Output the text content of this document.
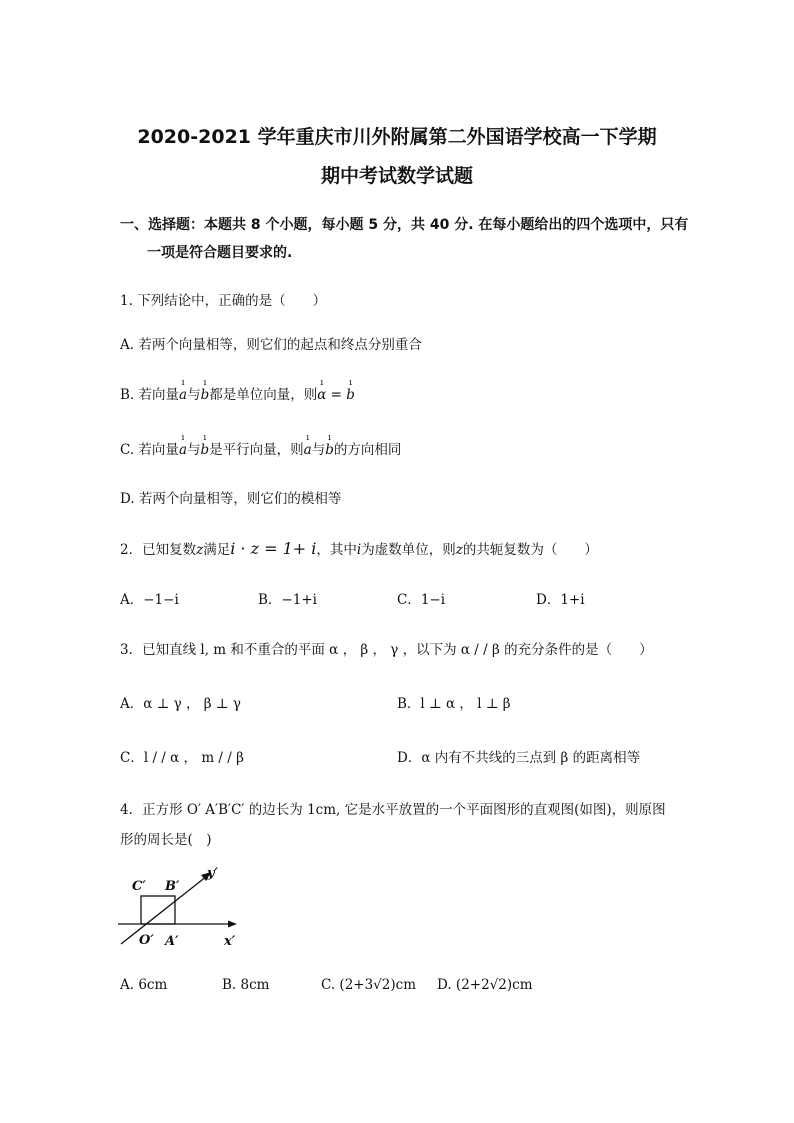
2020-2021 学年重庆市川外附属第二外国语学校高一下学期
期中考试数学试题
一、选择题：本题共 8 个小题，每小题 5 分，共 40 分. 在每小题给出的四个选项中，只有
一项是符合题目要求的.
1. 下列结论中，正确的是（　　）
A. 若两个向量相等，则它们的起点和终点分别重合
B. 若向量
ı
a与
ı
b都是单位向量，则
ı
α =
ı
b
C. 若向量
ı
a与
ı
b是平行向量，则
ı
a与
ı
b的方向相同
D. 若两个向量相等，则它们的模相等
2．已知复数z满足i · z = 1+ i，其中i为虚数单位，则z的共轭复数为（　　）
A．−1−i	B．−1+i	C．1−i	D．1+i
3．已知直线 l, m 和不重合的平面 α ， β ， γ ，以下为 α / / β 的充分条件的是（　　）
A．α ⊥ γ ， β ⊥ γ	B．l ⊥ α ， l ⊥ β
C．l / / α ， m / / β	D．α 内有不共线的三点到 β 的距离相等
4．正方形 O′ A′B′C′ 的边长为 1cm, 它是水平放置的一个平面图形的直观图(如图)，则原图
形的周长是(　)
C′ B′
y′
O′ A′	x′
A. 6cm	B. 8cm	C. (2+3√2)cm D. (2+2√2)cm
